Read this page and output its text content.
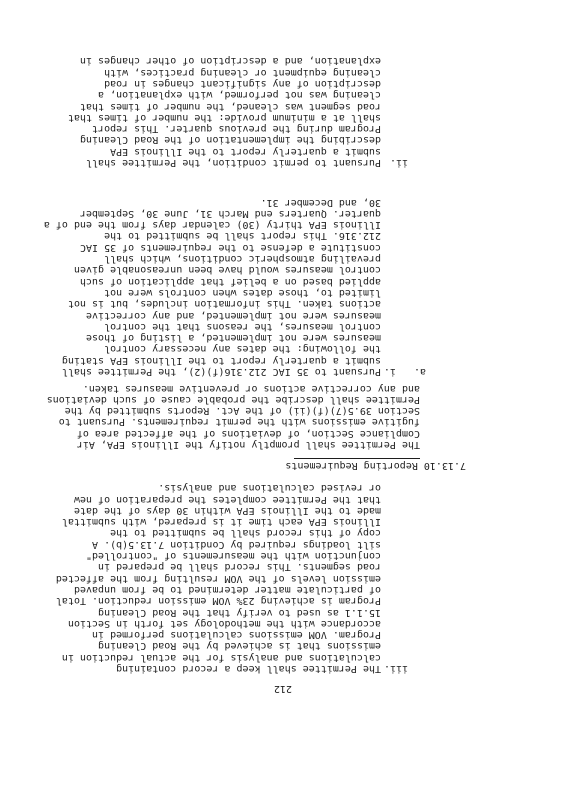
212
iii.
The Permittee shall keep a record containing
calculations and analysis for the actual reduction in
emissions that is achieved by the Road Cleaning
Program. VOM emissions calculations performed in
accordance with the methodology set forth in Section
15.1.1 as used to verify that the Road Cleaning
Program is achieving 23% VOM emission reduction. Total
of particulate matter determined to be from unpaved
emission levels of the VOM resulting from the affected
road segments. This record shall be prepared in
conjunction with the measurements of "controlled"
silt loadings required by Condition 7.13.5(b). A
copy of this record shall be submitted to the
Illinois EPA each time it is prepared, with submittal
made to the Illinois EPA within 30 days of the date
that the Permittee completes the preparation of new
or revised calculations and analysis.
7.13.10 Reporting Requirements
The Permittee shall promptly notify the Illinois EPA, Air
Compliance Section, of deviations of the affected area of
fugitive emissions with the permit requirements. Pursuant to
Section 39.5(7)(f)(ii) of the Act. Reports submitted by the
Permittee shall describe the probable cause of such deviations
and any corrective actions or preventive measures taken.
a.   i.
Pursuant to 35 IAC 212.316(f)(2), the Permittee shall
submit a quarterly report to the Illinois EPA stating
the following: the dates any necessary control
measures were not implemented, a listing of those
control measures, the reasons that the control
measures were not implemented, and any corrective
actions taken. This information includes, but is not
limited to, those dates when controls were not
applied based on a belief that application of such
control measures would have been unreasonable given
prevailing atmospheric conditions, which shall
constitute a defense to the requirements of 35 IAC
212.316. This report shall be submitted to the
Illinois EPA thirty (30) calendar days from the end of a
quarter. Quarters end March 31, June 30, September
30, and December 31.
ii.
Pursuant to permit condition, the Permittee shall
submit a quarterly report to the Illinois EPA
describing the implementation of the Road Cleaning
Program during the previous quarter. This report
shall at a minimum provide: the number of times that
road segment was cleaned, the number of times that
cleaning was not performed, with explanation, a
description of any significant changes in road
cleaning equipment or cleaning practices, with
explanation, and a description of other changes in
